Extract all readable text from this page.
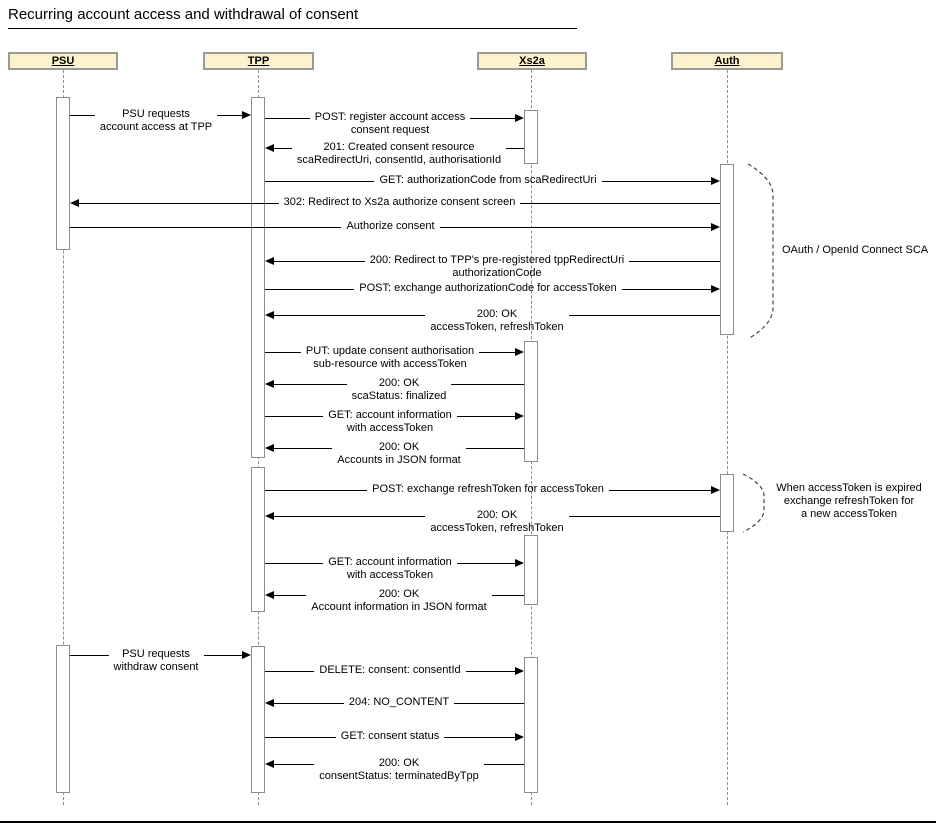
Recurring account access and withdrawal of consent
PSU	TPP	Xs2a	Auth
PSU requests
account access at TPP
POST: register account access
consent request
201: Created consent resource
scaRedirectUri, consentId, authorisationId
GET: authorizationCode from scaRedirectUri
302: Redirect to Xs2a authorize consent screen
Authorize consent
200: Redirect to TPP's pre-registered tppRedirectUri
authorizationCode
POST: exchange authorizationCode for accessToken
200: OK
accessToken, refreshToken
PUT: update consent authorisation
sub-resource with accessToken
200: OK
scaStatus: finalized
GET: account information
with accessToken
200: OK
Accounts in JSON format
POST: exchange refreshToken for accessToken
200: OK
accessToken, refreshToken
GET: account information
with accessToken
200: OK
Account information in JSON format
PSU requests
withdraw consent	DELETE: consent: consentId
204: NO_CONTENT
GET: consent status
200: OK
consentStatus: terminatedByTpp
OAuth / OpenId Connect SCA
When accessToken is expired
exchange refreshToken for
a new accessToken
